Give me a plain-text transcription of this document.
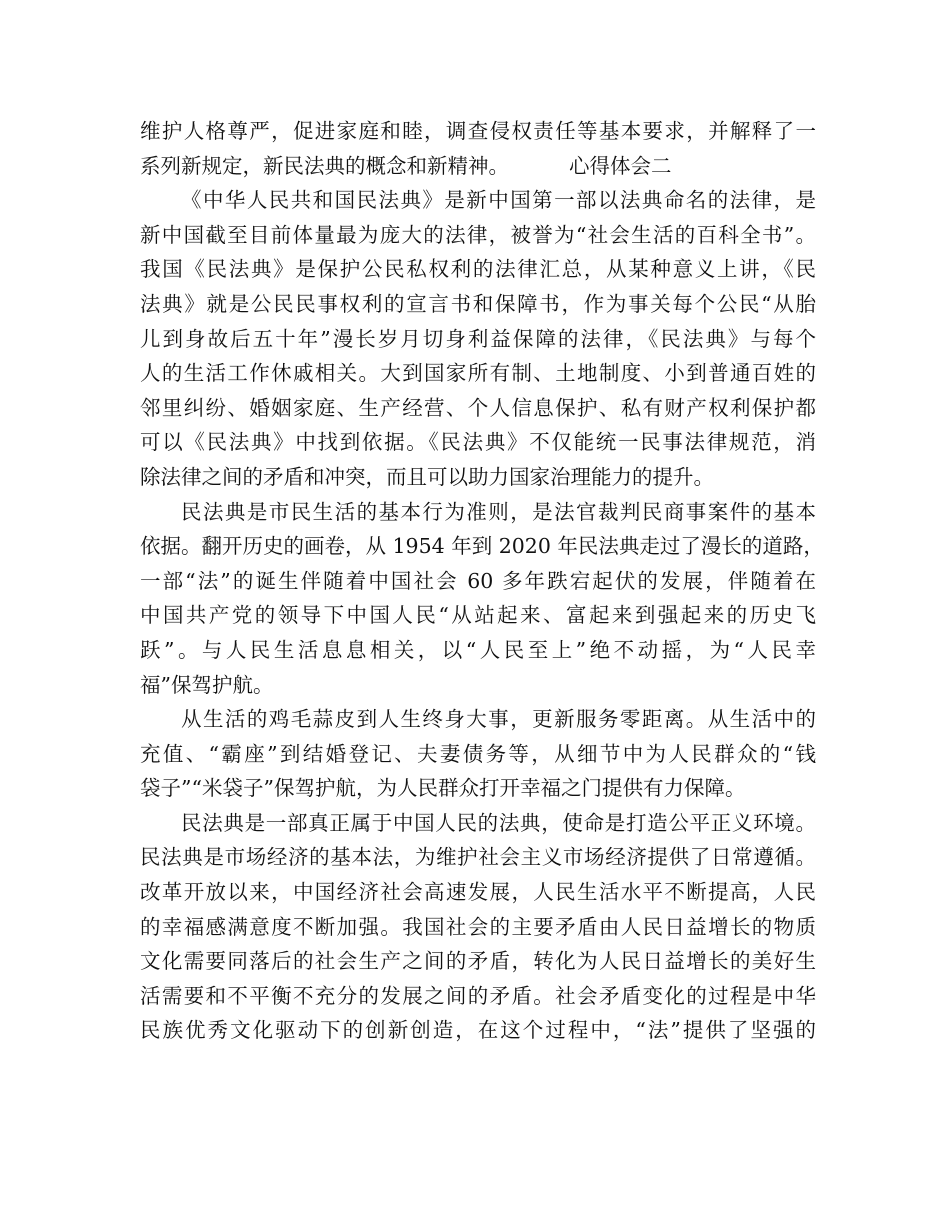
维护人格尊严，促进家庭和睦，调查侵权责任等基本要求，并解释了一
系列新规定，新民法典的概念和新精神。	心得体会二
《中华人民共和国民法典》是新中国第一部以法典命名的法律，是
新中国截至目前体量最为庞大的法律，被誉为“社会生活的百科全书”。
我国《民法典》是保护公民私权利的法律汇总，从某种意义上讲，《民
法典》就是公民民事权利的宣言书和保障书，作为事关每个公民“从胎
儿到身故后五十年”漫长岁月切身利益保障的法律，《民法典》与每个
人的生活工作休戚相关。大到国家所有制、土地制度、小到普通百姓的
邻里纠纷、婚姻家庭、生产经营、个人信息保护、私有财产权利保护都
可以《民法典》中找到依据。《民法典》不仅能统一民事法律规范，消
除法律之间的矛盾和冲突，而且可以助力国家治理能力的提升。
民法典是市民生活的基本行为准则，是法官裁判民商事案件的基本
依据。翻开历史的画卷，从 1954 年到 2020 年民法典走过了漫长的道路，
一部“法”的诞生伴随着中国社会 60 多年跌宕起伏的发展，伴随着在
中国共产党的领导下中国人民“从站起来、富起来到强起来的历史飞
跃”。与人民生活息息相关，以“人民至上”绝不动摇，为“人民幸
福”保驾护航。
从生活的鸡毛蒜皮到人生终身大事，更新服务零距离。从生活中的
充值、“霸座”到结婚登记、夫妻债务等，从细节中为人民群众的“钱
袋子”“米袋子”保驾护航，为人民群众打开幸福之门提供有力保障。
民法典是一部真正属于中国人民的法典，使命是打造公平正义环境。
民法典是市场经济的基本法，为维护社会主义市场经济提供了日常遵循。
改革开放以来，中国经济社会高速发展，人民生活水平不断提高，人民
的幸福感满意度不断加强。我国社会的主要矛盾由人民日益增长的物质
文化需要同落后的社会生产之间的矛盾，转化为人民日益增长的美好生
活需要和不平衡不充分的发展之间的矛盾。社会矛盾变化的过程是中华
民族优秀文化驱动下的创新创造，在这个过程中，“法”提供了坚强的
